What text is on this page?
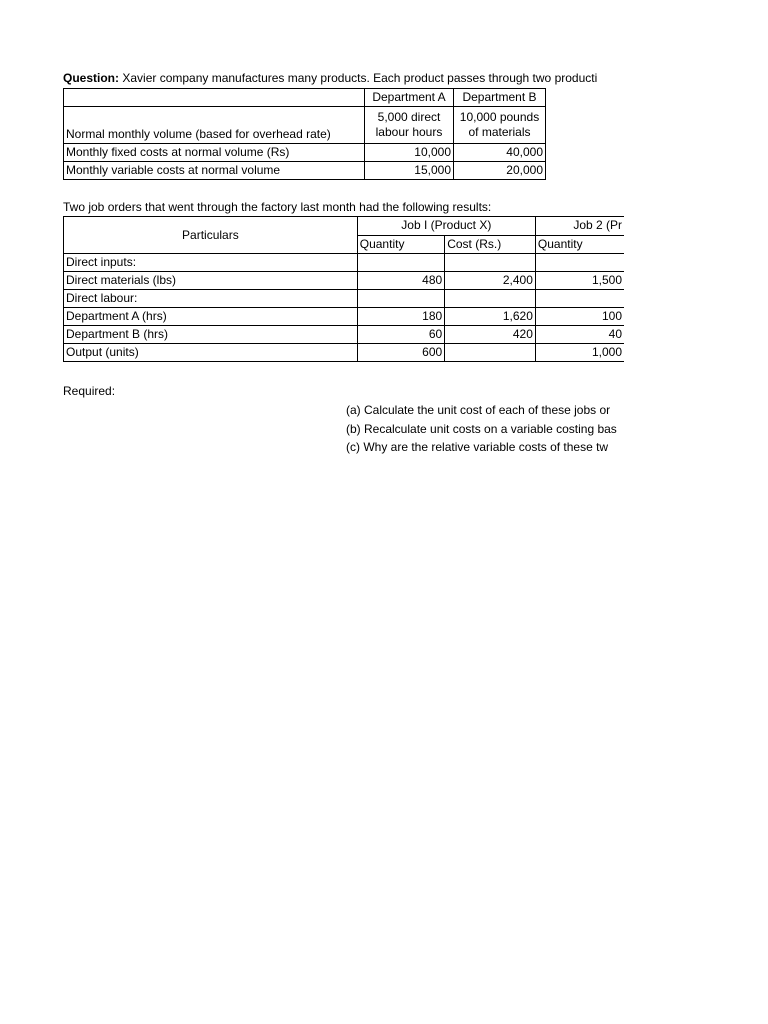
Question: Xavier company manufactures many products. Each product passes through two producti
	Department A	Department B
Normal monthly volume (based for overhead rate)	5,000 direct labour hours	10,000 pounds of materials
Monthly fixed costs at normal volume (Rs)	10,000	40,000
Monthly variable costs at normal volume	15,000	20,000
Two job orders that went through the factory last month had the following results:
Particulars	Job I (Product X)		Job 2 (Pr
	Quantity	Cost (Rs.)	Quantity
Direct inputs:			
Direct materials (lbs)	480	2,400	1,500
Direct labour:			
Department A (hrs)	180	1,620	100
Department B (hrs)	60	420	40
Output (units)	600		1,000
Required:
(a) Calculate the unit cost of each of these jobs or
(b) Recalculate unit costs on a variable costing bas
(c) Why are the relative variable costs of these tw
